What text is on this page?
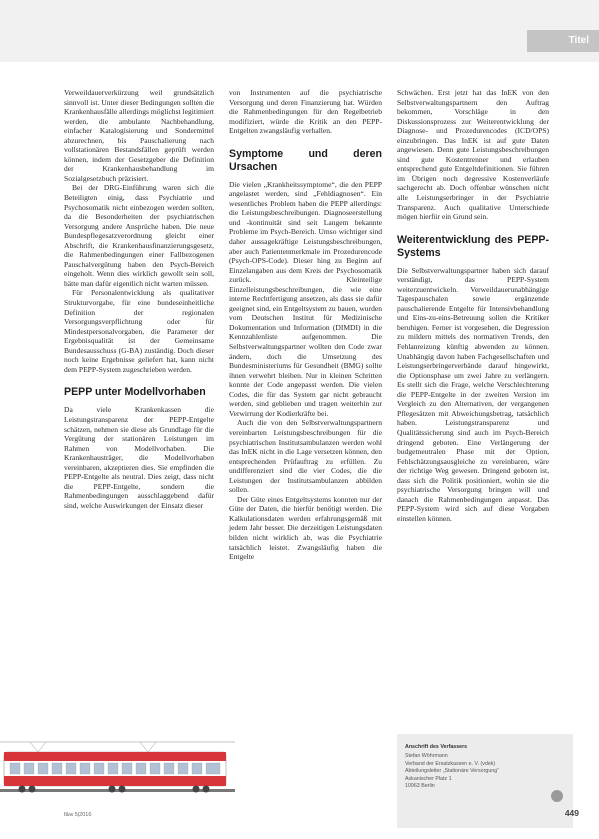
Titel

Verweildauerverkürzung weil grundsätzlich sinnvoll ist. Unter dieser Bedingungen sollten die Krankenhausfälle allerdings möglichst legitimiert werden, die ambulante Nachbehandlung, einfacher Katalogisierung und Sondermittel abzurechnen, bis Pauschalierung nach vollstationären Bestandsfällen geprüft werden können, indem der Gesetzgeber die Definition der Krankenhausbehandlung im Sozialgesetzbuch präzisiert.

Bei der DRG-Einführung waren sich die Beteiligten einig, dass Psychiatrie und Psychosomatik nicht einbezogen werden sollten, da die Besonderheiten der psychiatrischen Versorgung andere Ansprüche haben. Die neue Bundespflegesatzverordnung gleicht einer Abschrift, die Krankenhausfinanzierungsgesetz, die Rahmenbedingungen einer Fallbezogenen Pauschalvergütung haben den Psych-Bereich eingeholt. Wenn dies wirklich gewollt sein soll, hätte man dafür eigentlich nicht warten müssen.

Für Personalentwicklung als qualitativer Strukturvorgabe, für eine bundeseinheitliche Definition der regionalen Versorgungsverpflichtung oder für Mindestpersonalvorgaben, die Parameter der Ergebnisqualität ist der Gemeinsame Bundesausschuss (G-BA) zuständig. Doch dieser noch keine Ergebnisse geliefert hat, kann nicht dem PEPP-System zugeschrieben werden.

PEPP unter Modellvorhaben

Da viele Krankenkassen die Leistungstransparenz der PEPP-Entgelte schätzen, nehmen sie diese als Grundlage für die Vergütung der stationären Leistungen im Rahmen von Modellvorhaben. Die Krankenhausträger, die Modellvorhaben vereinbaren, akzeptieren dies. Sie empfinden die PEPP-Entgelte als neutral. Dies zeigt, dass nicht die PEPP-Entgelte, sondern die Rahmenbedingungen ausschlaggebend dafür sind, welche Auswirkungen der Einsatz dieser

von Instrumenten auf die psychiatrische Versorgung und deren Finanzierung hat. Würden die Rahmenbedingungen für den Regelbetrieb modifiziert, würde die Kritik an den PEPP-Entgelten zwangsläufig verhallen.

Symptome und deren Ursachen

Die vielen „Krankheitssymptome“, die den PEPP angelastet werden, sind „Fehldiagnosen“. Ein wesentliches Problem haben die PEPP allerdings: die Leistungsbeschreibungen. Diagnoseerstellung und -kontinuität sind seit Langem bekannte Probleme im Psych-Bereich. Umso wichtiger sind daher aussagekräftige Leistungsbeschreibungen, aber auch Patientenmerkmale im Prozedurencode (Psych-OPS-Code). Dieser hing zu Beginn auf Einzelangaben aus dem Kreis der Psychosomatik zurück. Kleinteilige Einzelleistungsbeschreibungen, die wie eine interne Rechtfertigung ansetzen, als dass sie dafür geeignet sind, ein Entgeltsystem zu bauen, wurden vom Deutschen Institut für Medizinische Dokumentation und Information (DIMDI) in die Kennzahlenliste aufgenommen. Die Selbstverwaltungspartner wollten den Code zwar ändern, doch die Umsetzung des Bundesministeriums für Gesundheit (BMG) sollte ihnen verwehrt bleiben. Nur in kleinen Schritten konnte der Code angepasst werden. Die vielen Codes, die für das System gar nicht gebraucht werden, sind geblieben und tragen weiterhin zur Verwirrung der Kodierkräfte bei.

Auch die von den Selbstverwaltungspartnern vereinbarten Leistungsbeschreibungen für die psychiatrischen Institutsambulanzen werden wohl das InEK nicht in die Lage versetzen können, den entsprechenden Prüfauftrag zu erfüllen. Zu undifferenziert sind die vier Codes, die die Leistungen der Institutsambulanzen abbilden sollen.

Der Güte eines Entgeltsystems konnten nur der Güte der Daten, die hierfür benötigt werden. Die Kalkulationsdaten werden erfahrungsgemäß mit jedem Jahr besser. Die derzeitigen Leistungsdaten bilden nicht wirklich ab, was die Psychiatrie tatsächlich leistet. Zwangsläufig haben die Entgelte

Schwächen. Erst jetzt hat das InEK von den Selbstverwaltungspartnern den Auftrag bekommen, Vorschläge in den Diskussionsprozess zur Weiterentwicklung der Diagnose- und Prozedurencodes (ICD/OPS) einzubringen. Das InEK ist auf gute Daten angewiesen. Denn gute Leistungsbeschreibungen sind gute Kostentrenner und erlauben entsprechend gute Entgeltdefinitionen. Sie führen im Übrigen noch degressive Kostenverläufe sachgerecht ab. Doch offenbar wünschen nicht alle Leistungserbringer in der Psychiatrie Transparenz. Auch qualitative Unterschiede mögen hierfür ein Grund sein.

Weiterentwicklung des PEPP-Systems

Die Selbstverwaltungspartner haben sich darauf verständigt, das PEPP-System weiterzuentwickeln. Verweildauerunabhängige Tagespauschalen sowie ergänzende pauschalierende Entgelte für Intensivbehandlung und Eins-zu-eins-Betreuung sollen die Kritiker beruhigen. Ferner ist vorgesehen, die Degression zu mildern mittels des normativen Trends, den Fehlanreizung künftig abwenden zu können. Unabhängig davon haben Fachgesellschaften und Leistungserbringerverbände darauf hingewirkt, die Optionsphase um zwei Jahre zu verlängern. Es stellt sich die Frage, welche Verschlechterung die PEPP-Entgelte in der zweiten Version im Vergleich zu den Alternativen, der vergangenen Pflegesätzen mit Abweichungsbetrag, tatsächlich haben. Leistungstransparenz und Qualitätssicherung sind auch im Psych-Bereich dringend geboten. Eine Verlängerung der budgetneutralen Phase mit der Option, Fehlschätzungsausgleiche zu vereinbaren, wäre der richtige Weg gewesen. Dringend geboten ist, dass sich die Politik positioniert, wohin sie die psychiatrische Versorgung bringen will und danach die Rahmenbedingungen anpasst. Das PEPP-System wird sich auf diese Vorgaben einstellen können.

Anschrift des Verfassers
Stefan Wöhrmann
Verband der Ersatzkassen e. V. (vdek)
Abteilungsleiter „Stationäre Versorgung“
Askanischer Platz 1
10963 Berlin
f&w 5|2016	449
